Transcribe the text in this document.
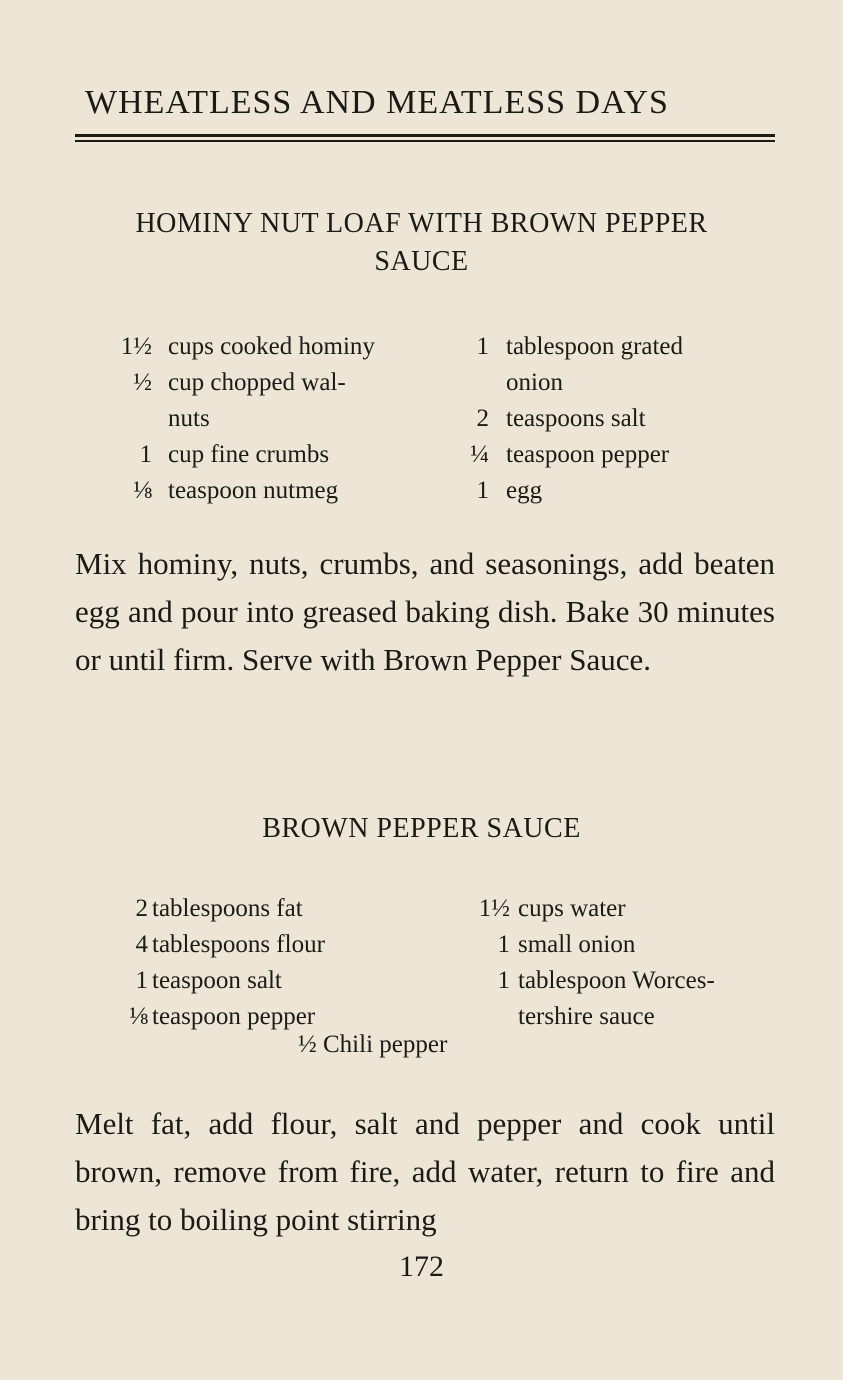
WHEATLESS AND MEATLESS DAYS
HOMINY NUT LOAF WITH BROWN PEPPER
SAUCE
1½ cups cooked hominy
½ cup chopped wal-
nuts
1 cup fine crumbs
⅛ teaspoon nutmeg
1 tablespoon grated
onion
2 teaspoons salt
¼ teaspoon pepper
1 egg
Mix hominy, nuts, crumbs, and seasonings, add beaten egg and pour into greased baking dish. Bake 30 minutes or until firm. Serve with Brown Pepper Sauce.
BROWN PEPPER SAUCE
2 tablespoons fat
4 tablespoons flour
1 teaspoon salt
⅛ teaspoon pepper
1½ cups water
1 small onion
1 tablespoon Worces-
tershire sauce
½ Chili pepper
Melt fat, add flour, salt and pepper and cook until brown, remove from fire, add water, return to fire and bring to boiling point stirring
172
